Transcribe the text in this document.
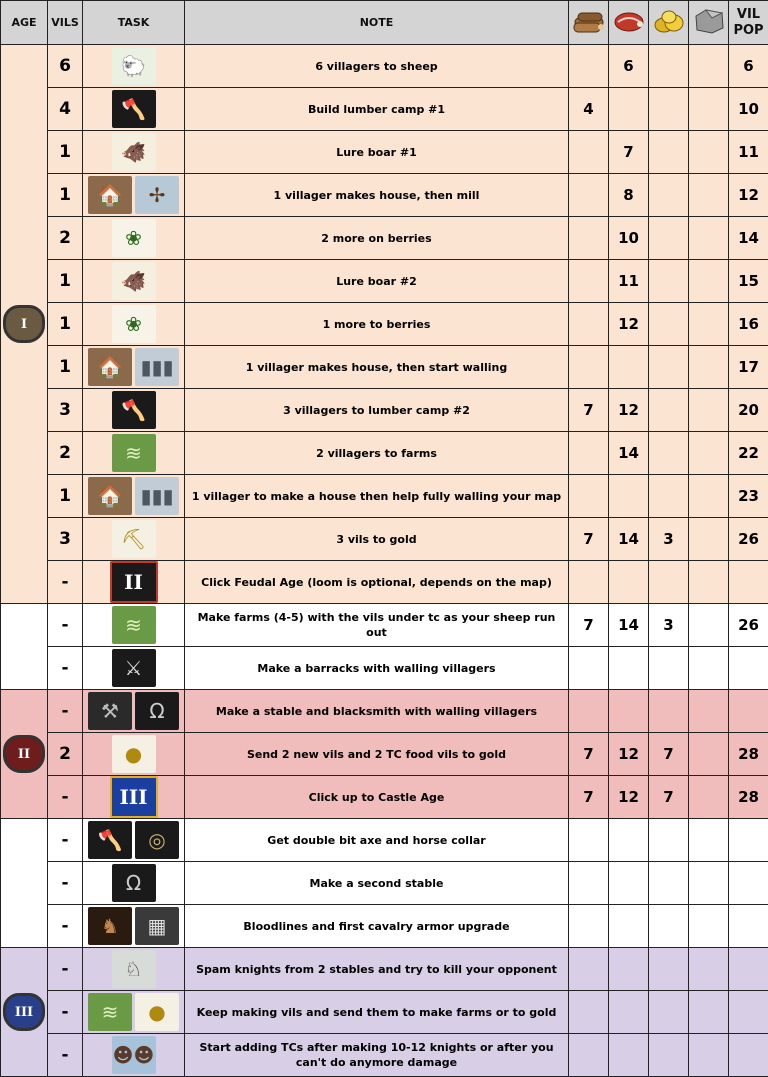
AGE	VILS	TASK	NOTE					VIL POP

I	6	🐑	6 villagers to sheep		6			6
	4	🪓	Build lumber camp #1	4				10
	1	🐗	Lure boar #1		7			11
	1	🏠 ✢	1 villager makes house, then mill		8			12
	2	❀	2 more on berries		10			14
	1	🐗	Lure boar #2		11			15
	1	❀	1 more to berries		12			16
	1	🏠 ▮▮▮	1 villager makes house, then start walling					17
	3	🪓	3 villagers to lumber camp #2	7	12			20
	2	≋	2 villagers to farms		14			22
	1	🏠 ▮▮▮	1 villager to make a house then help fully walling your map					23
	3	⛏	3 vils to gold	7	14	3		26
	-	II	Click Feudal Age (loom is optional, depends on the map)					
	-	≋	Make farms (4-5) with the vils under tc as your sheep run out	7	14	3		26
	-	⚔	Make a barracks with walling villagers					

II	-	⚒ Ω	Make a stable and blacksmith with walling villagers					
	2	●	Send 2 new vils and 2 TC food vils to gold	7	12	7		28
	-	III	Click up to Castle Age	7	12	7		28
	-	🪓 ◎	Get double bit axe and horse collar					
	-	Ω	Make a second stable					
	-	♞ ▦	Bloodlines and first cavalry armor upgrade					

III	-	♘	Spam knights from 2 stables and try to kill your opponent					
	-	≋ ●	Keep making vils and send them to make farms or to gold					
	-	☻☻	Start adding TCs after making 10-12 knights or after you can't do anymore damage					
